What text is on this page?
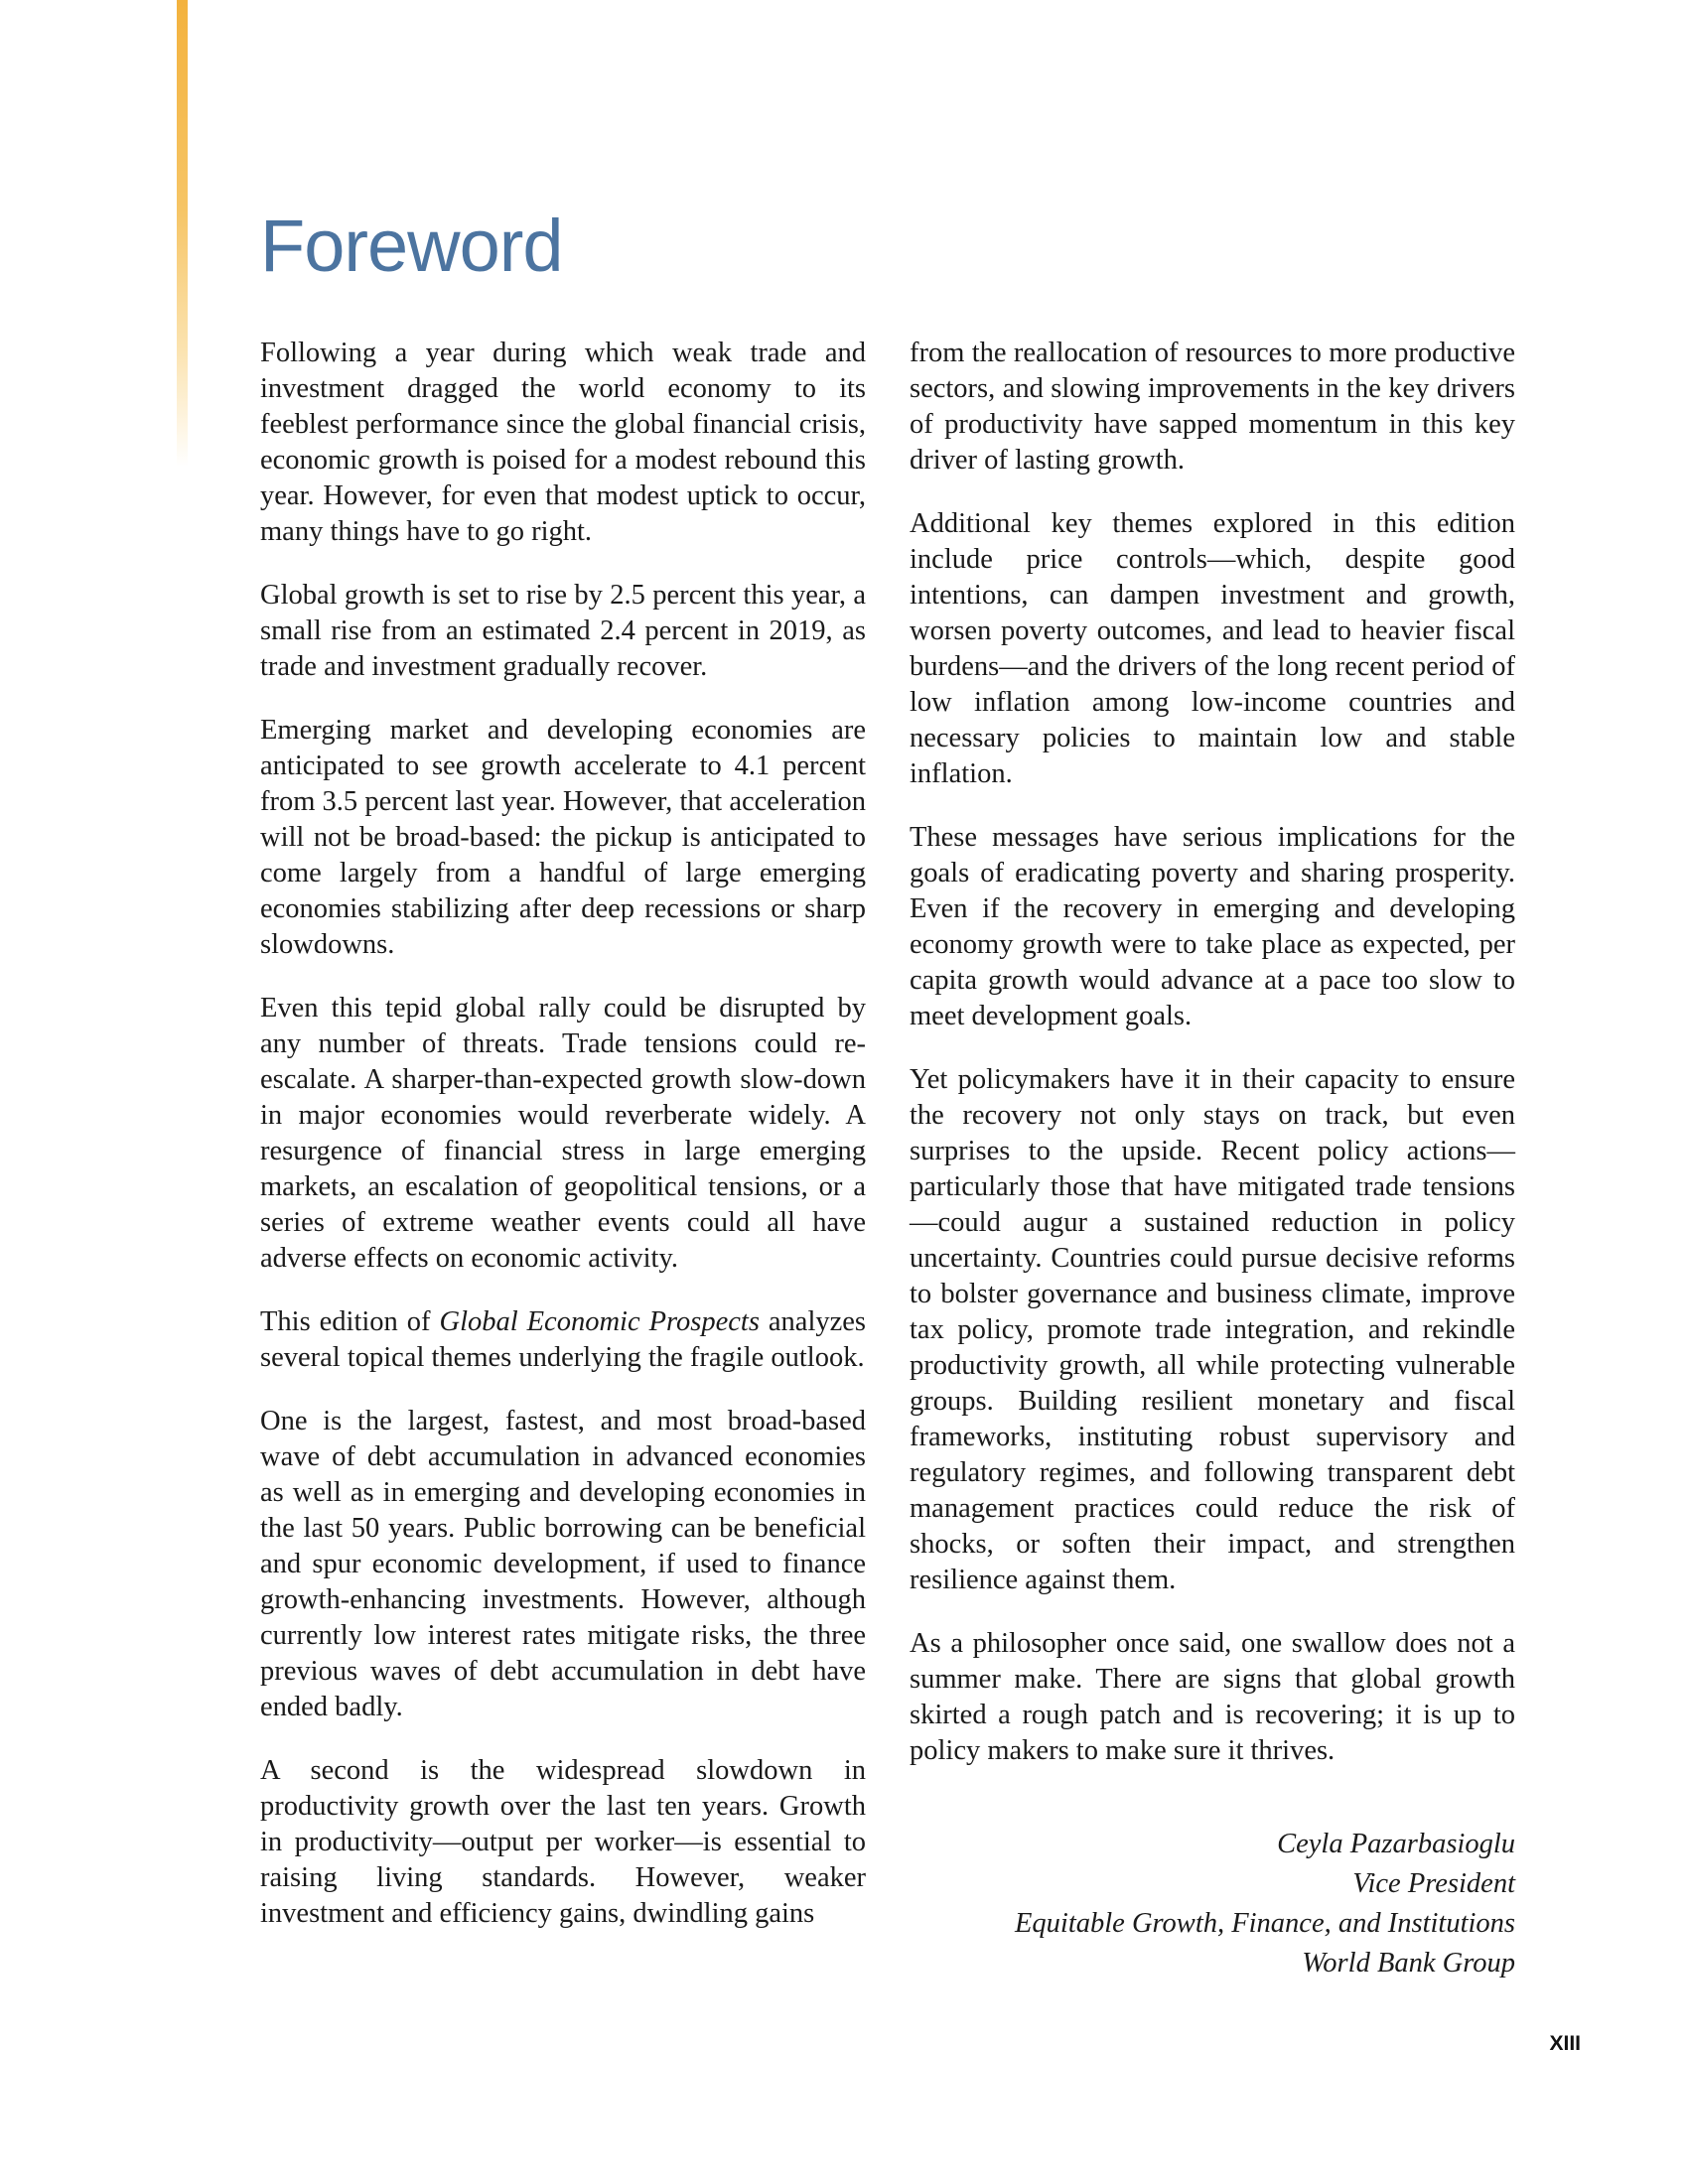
Foreword

Following a year during which weak trade and investment dragged the world economy to its feeblest performance since the global financial crisis, economic growth is poised for a modest rebound this year. However, for even that modest uptick to occur, many things have to go right.

Global growth is set to rise by 2.5 percent this year, a small rise from an estimated 2.4 percent in 2019, as trade and investment gradually recover.

Emerging market and developing economies are anticipated to see growth accelerate to 4.1 percent from 3.5 percent last year. However, that acceleration will not be broad-based: the pickup is anticipated to come largely from a handful of large emerging economies stabilizing after deep recessions or sharp slowdowns.

Even this tepid global rally could be disrupted by any number of threats. Trade tensions could re-escalate. A sharper-than-expected growth slow-down in major economies would reverberate widely. A resurgence of financial stress in large emerging markets, an escalation of geopolitical tensions, or a series of extreme weather events could all have adverse effects on economic activity.

This edition of Global Economic Prospects analyzes several topical themes underlying the fragile outlook.

One is the largest, fastest, and most broad-based wave of debt accumulation in advanced economies as well as in emerging and developing economies in the last 50 years. Public borrowing can be beneficial and spur economic development, if used to finance growth-enhancing investments. However, although currently low interest rates mitigate risks, the three previous waves of debt accumulation in debt have ended badly.

A second is the widespread slowdown in productivity growth over the last ten years. Growth in productivity—output per worker—is essential to raising living standards. However, weaker investment and efficiency gains, dwindling gains

from the reallocation of resources to more productive sectors, and slowing improvements in the key drivers of productivity have sapped momentum in this key driver of lasting growth.

Additional key themes explored in this edition include price controls—which, despite good intentions, can dampen investment and growth, worsen poverty outcomes, and lead to heavier fiscal burdens—and the drivers of the long recent period of low inflation among low-income countries and necessary policies to maintain low and stable inflation.

These messages have serious implications for the goals of eradicating poverty and sharing prosperity. Even if the recovery in emerging and developing economy growth were to take place as expected, per capita growth would advance at a pace too slow to meet development goals.

Yet policymakers have it in their capacity to ensure the recovery not only stays on track, but even surprises to the upside. Recent policy actions—particularly those that have mitigated trade tensions—could augur a sustained reduction in policy uncertainty. Countries could pursue decisive reforms to bolster governance and business climate, improve tax policy, promote trade integration, and rekindle productivity growth, all while protecting vulnerable groups. Building resilient monetary and fiscal frameworks, instituting robust supervisory and regulatory regimes, and following transparent debt management practices could reduce the risk of shocks, or soften their impact, and strengthen resilience against them.

As a philosopher once said, one swallow does not a summer make. There are signs that global growth skirted a rough patch and is recovering; it is up to policy makers to make sure it thrives.

Ceyla Pazarbasioglu
Vice President
Equitable Growth, Finance, and Institutions
World Bank Group
XIII
